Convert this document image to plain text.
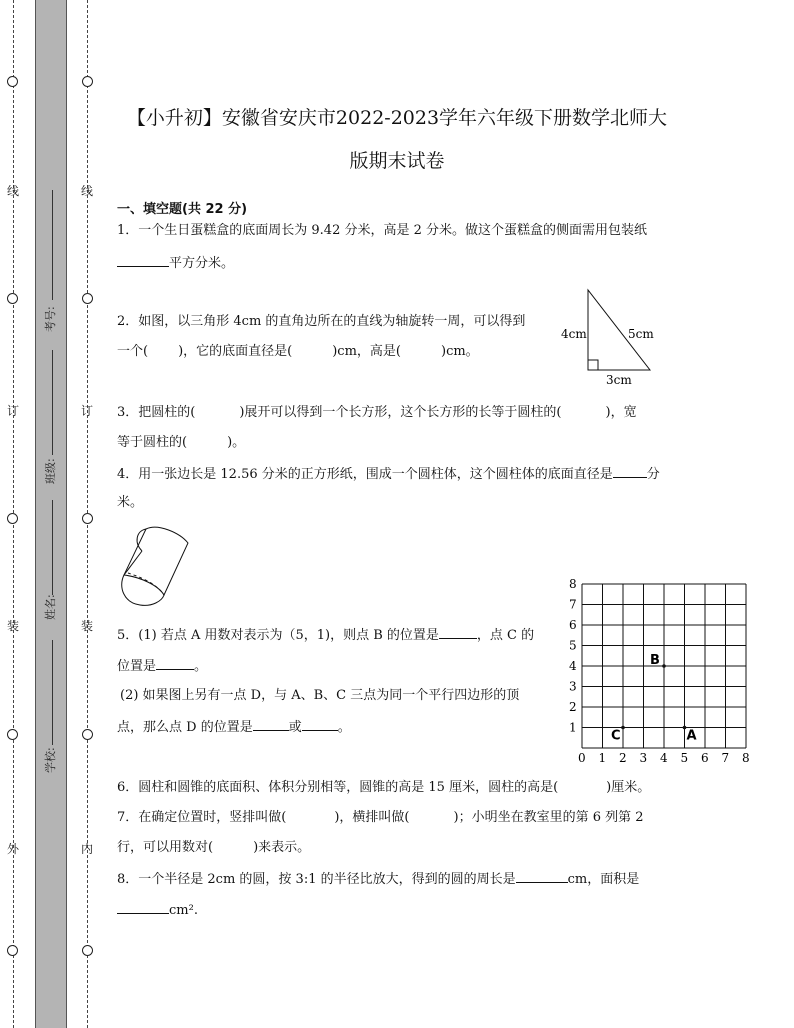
线
订
装
外
线
订
装
内
考号:
班级:
姓名:
学校:
【小升初】安徽省安庆市2022-2023学年六年级下册数学北师大
版期末试卷
一、填空题(共 22 分)
1．一个生日蛋糕盒的底面周长为 9.42 分米，高是 2 分米。做这个蛋糕盒的侧面需用包装纸
平方分米。
2．如图，以三角形 4cm 的直角边所在的直线为轴旋转一周，可以得到
一个( )，它的底面直径是(	)cm，高是(	)cm。
4cm	5cm
3cm
3．把圆柱的(	)展开可以得到一个长方形，这个长方形的长等于圆柱的(	)，宽
等于圆柱的(	)。
4．用一张边长是 12.56 分米的正方形纸，围成一个圆柱体，这个圆柱体的底面直径是	分
米。
5．(1) 若点 A 用数对表示为（5，1)，则点 B 的位置是	，点 C 的
位置是	。
(2) 如果图上另有一点 D，与 A、B、C 三点为同一个平行四边形的顶
点，那么点 D 的位置是	或	。
0 1 2 3 4 5 6 7 8
1
2
3
4
5
6
7
8
A
B
C
6．圆柱和圆锥的底面积、体积分别相等，圆锥的高是 15 厘米，圆柱的高是(	)厘米。
7．在确定位置时，竖排叫做(	)，横排叫做(	)；小明坐在教室里的第 6 列第 2
行，可以用数对(	)来表示。
8．一个半径是 2cm 的圆，按 3:1 的半径比放大，得到的圆的周长是	cm，面积是
cm².
